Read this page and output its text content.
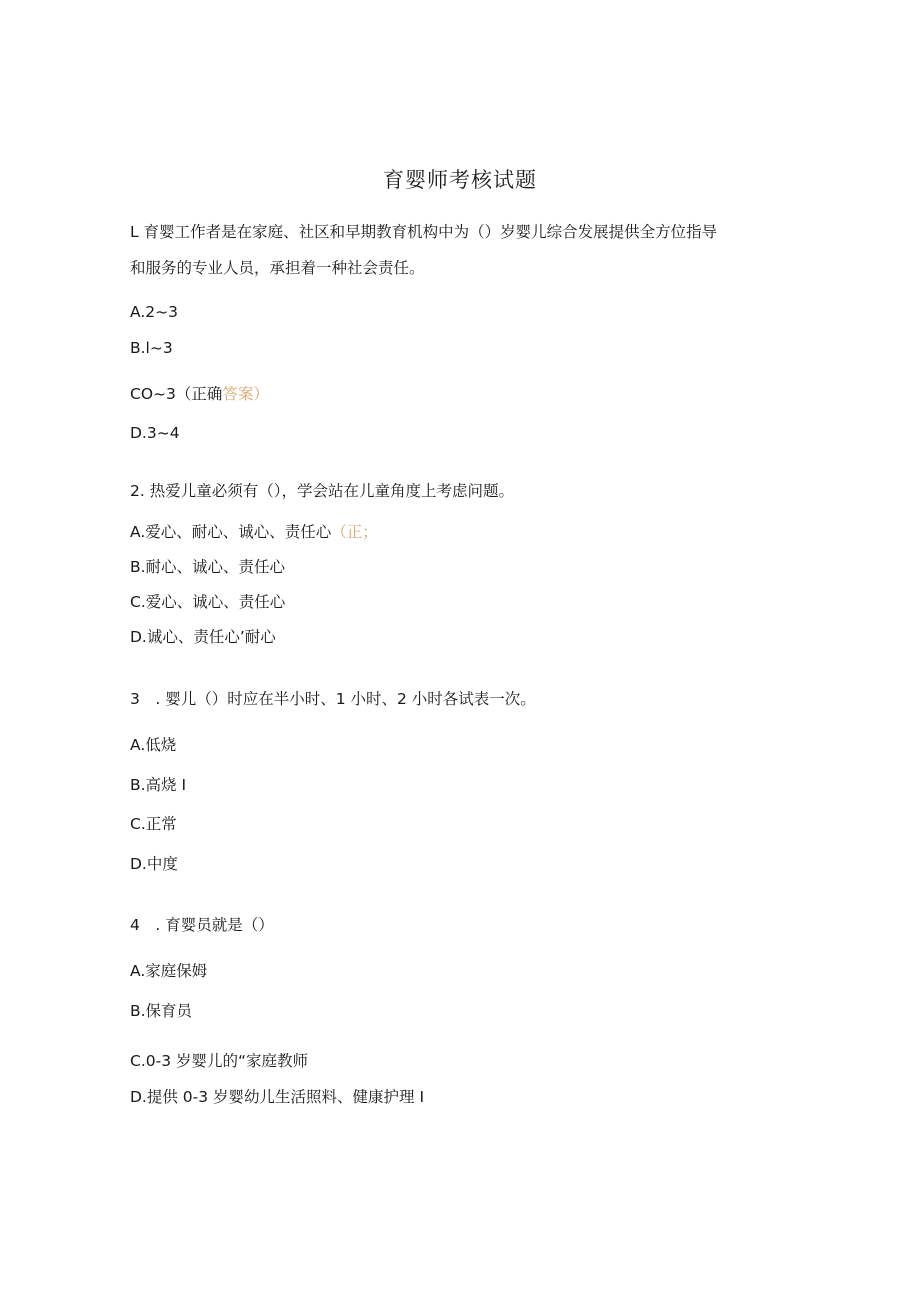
育婴师考核试题
L 育婴工作者是在家庭、社区和早期教育机构中为（）岁婴儿综合发展提供全方位指导
和服务的专业人员，承担着一种社会责任。
A.2~3
B.l~3
CO~3（正确答案）
D.3~4
2. 热爱儿童必须有（），学会站在儿童角度上考虑问题。
A.爱心、耐心、诚心、责任心（正；
B.耐心、诚心、责任心
C.爱心、诚心、责任心
D.诚心、责任心’耐心
3　. 婴儿（）时应在半小时、1 小时、2 小时各试表一次。
A.低烧
B.高烧 I
C.正常
D.中度
4　. 育婴员就是（）
A.家庭保姆
B.保育员
C.0-3 岁婴儿的“家庭教师
D.提供 0-3 岁婴幼儿生活照料、健康护理 I
